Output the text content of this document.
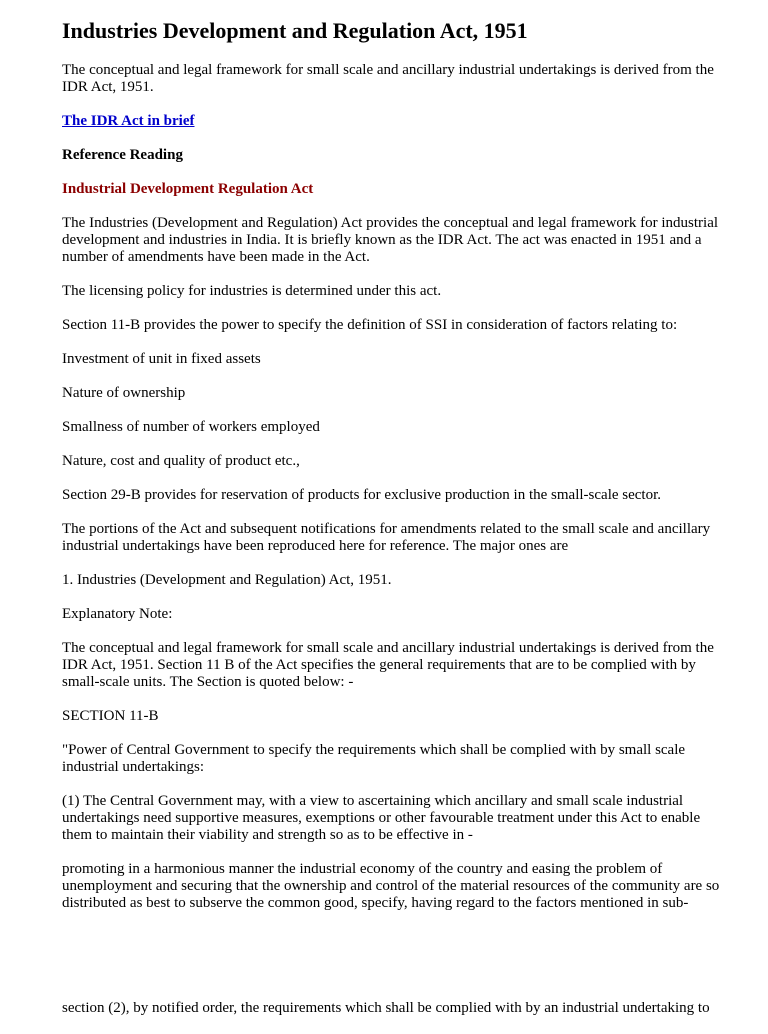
Industries Development and Regulation Act, 1951

The conceptual and legal framework for small scale and ancillary industrial undertakings is derived from the IDR Act, 1951.

The IDR Act in brief

Reference Reading

Industrial Development Regulation Act

The Industries (Development and Regulation) Act provides the conceptual and legal framework for industrial development and industries in India. It is briefly known as the IDR Act. The act was enacted in 1951 and a number of amendments have been made in the Act.

The licensing policy for industries is determined under this act.

Section 11-B provides the power to specify the definition of SSI in consideration of factors relating to:

Investment of unit in fixed assets

Nature of ownership

Smallness of number of workers employed

Nature, cost and quality of product etc.,

Section 29-B provides for reservation of products for exclusive production in the small-scale sector.

The portions of the Act and subsequent notifications for amendments related to the small scale and ancillary industrial undertakings have been reproduced here for reference. The major ones are

1. Industries (Development and Regulation) Act, 1951.

Explanatory Note:

The conceptual and legal framework for small scale and ancillary industrial undertakings is derived from the IDR Act, 1951. Section 11 B of the Act specifies the general requirements that are to be complied with by small-scale units. The Section is quoted below: -

SECTION 11-B

"Power of Central Government to specify the requirements which shall be complied with by small scale industrial undertakings:

(1) The Central Government may, with a view to ascertaining which ancillary and small scale industrial undertakings need supportive measures, exemptions or other favourable treatment under this Act to enable them to maintain their viability and strength so as to be effective in -

promoting in a harmonious manner the industrial economy of the country and easing the problem of unemployment and securing that the ownership and control of the material resources of the community are so distributed as best to subserve the common good, specify, having regard to the factors mentioned in sub-

section (2), by notified order, the requirements which shall be complied with by an industrial undertaking to
